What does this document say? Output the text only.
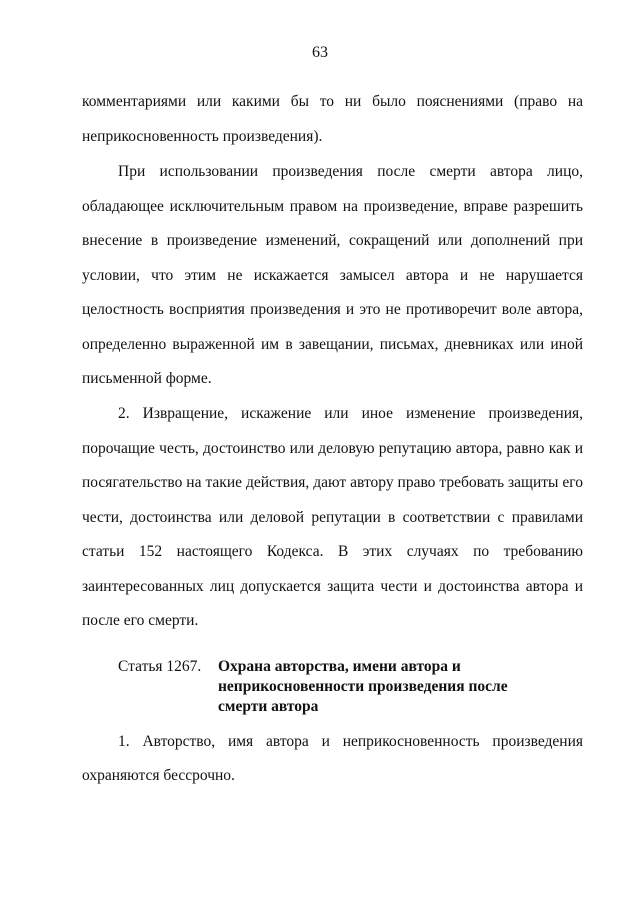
63
комментариями или какими бы то ни было пояснениями (право на
неприкосновенность произведения).
При использовании произведения после смерти автора лицо,
обладающее исключительным правом на произведение, вправе разрешить
внесение в произведение изменений, сокращений или дополнений при
условии, что этим не искажается замысел автора и не нарушается
целостность восприятия произведения и это не противоречит воле автора,
определенно выраженной им в завещании, письмах, дневниках или иной
письменной форме.
2. Извращение, искажение или иное изменение произведения,
порочащие честь, достоинство или деловую репутацию автора, равно как и
посягательство на такие действия, дают автору право требовать защиты его
чести, достоинства или деловой репутации в соответствии с правилами
статьи 152 настоящего Кодекса. В этих случаях по требованию
заинтересованных лиц допускается защита чести и достоинства автора и
после его смерти.
Статья 1267. Охрана авторства, имени автора и
неприкосновенности произведения после
смерти автора
1. Авторство, имя автора и неприкосновенность произведения
охраняются бессрочно.
